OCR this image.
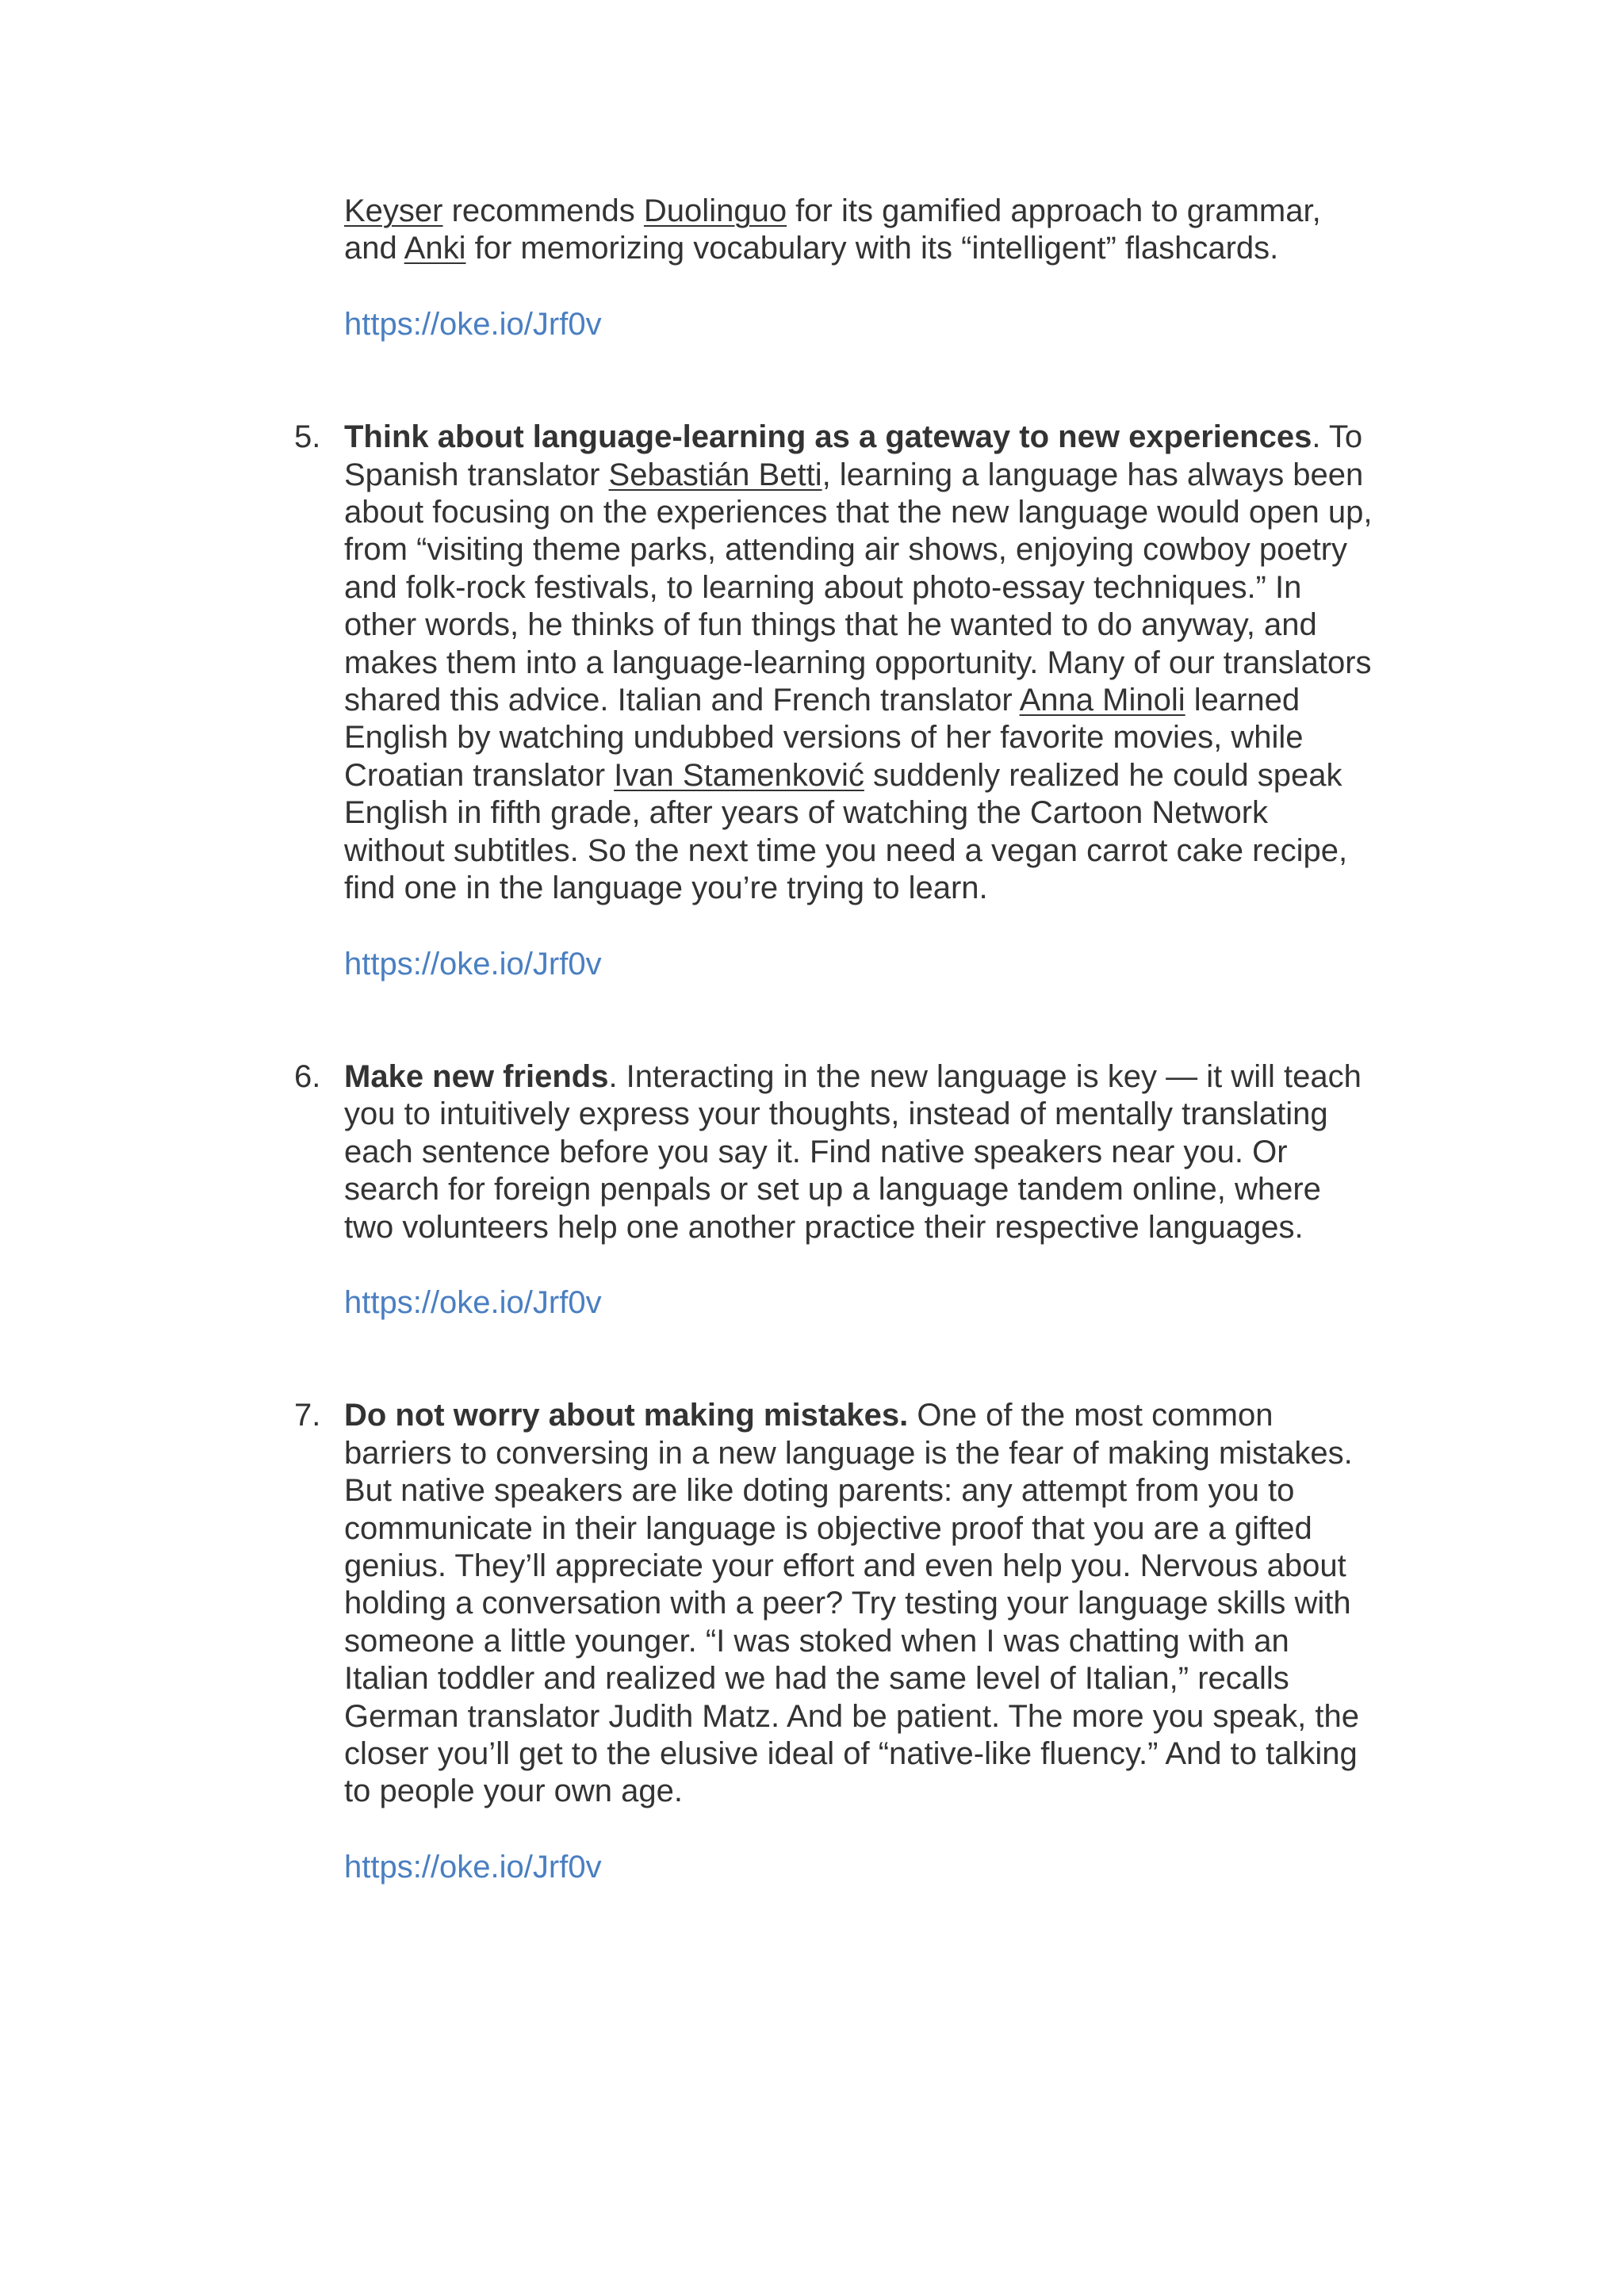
Keyser recommends Duolinguo for its gamified approach to grammar, and Anki for memorizing vocabulary with its “intelligent” flashcards.

https://oke.io/Jrf0v

5. Think about language-learning as a gateway to new experiences. To Spanish translator Sebastián Betti, learning a language has always been about focusing on the experiences that the new language would open up, from “visiting theme parks, attending air shows, enjoying cowboy poetry and folk-rock festivals, to learning about photo-essay techniques.” In other words, he thinks of fun things that he wanted to do anyway, and makes them into a language-learning opportunity. Many of our translators shared this advice. Italian and French translator Anna Minoli learned English by watching undubbed versions of her favorite movies, while Croatian translator Ivan Stamenković suddenly realized he could speak English in fifth grade, after years of watching the Cartoon Network without subtitles. So the next time you need a vegan carrot cake recipe, find one in the language you’re trying to learn.

https://oke.io/Jrf0v

6. Make new friends. Interacting in the new language is key — it will teach you to intuitively express your thoughts, instead of mentally translating each sentence before you say it. Find native speakers near you. Or search for foreign penpals or set up a language tandem online, where two volunteers help one another practice their respective languages.

https://oke.io/Jrf0v

7. Do not worry about making mistakes. One of the most common barriers to conversing in a new language is the fear of making mistakes. But native speakers are like doting parents: any attempt from you to communicate in their language is objective proof that you are a gifted genius. They’ll appreciate your effort and even help you. Nervous about holding a conversation with a peer? Try testing your language skills with someone a little younger. “I was stoked when I was chatting with an Italian toddler and realized we had the same level of Italian,” recalls German translator Judith Matz. And be patient. The more you speak, the closer you’ll get to the elusive ideal of “native-like fluency.” And to talking to people your own age.

https://oke.io/Jrf0v
